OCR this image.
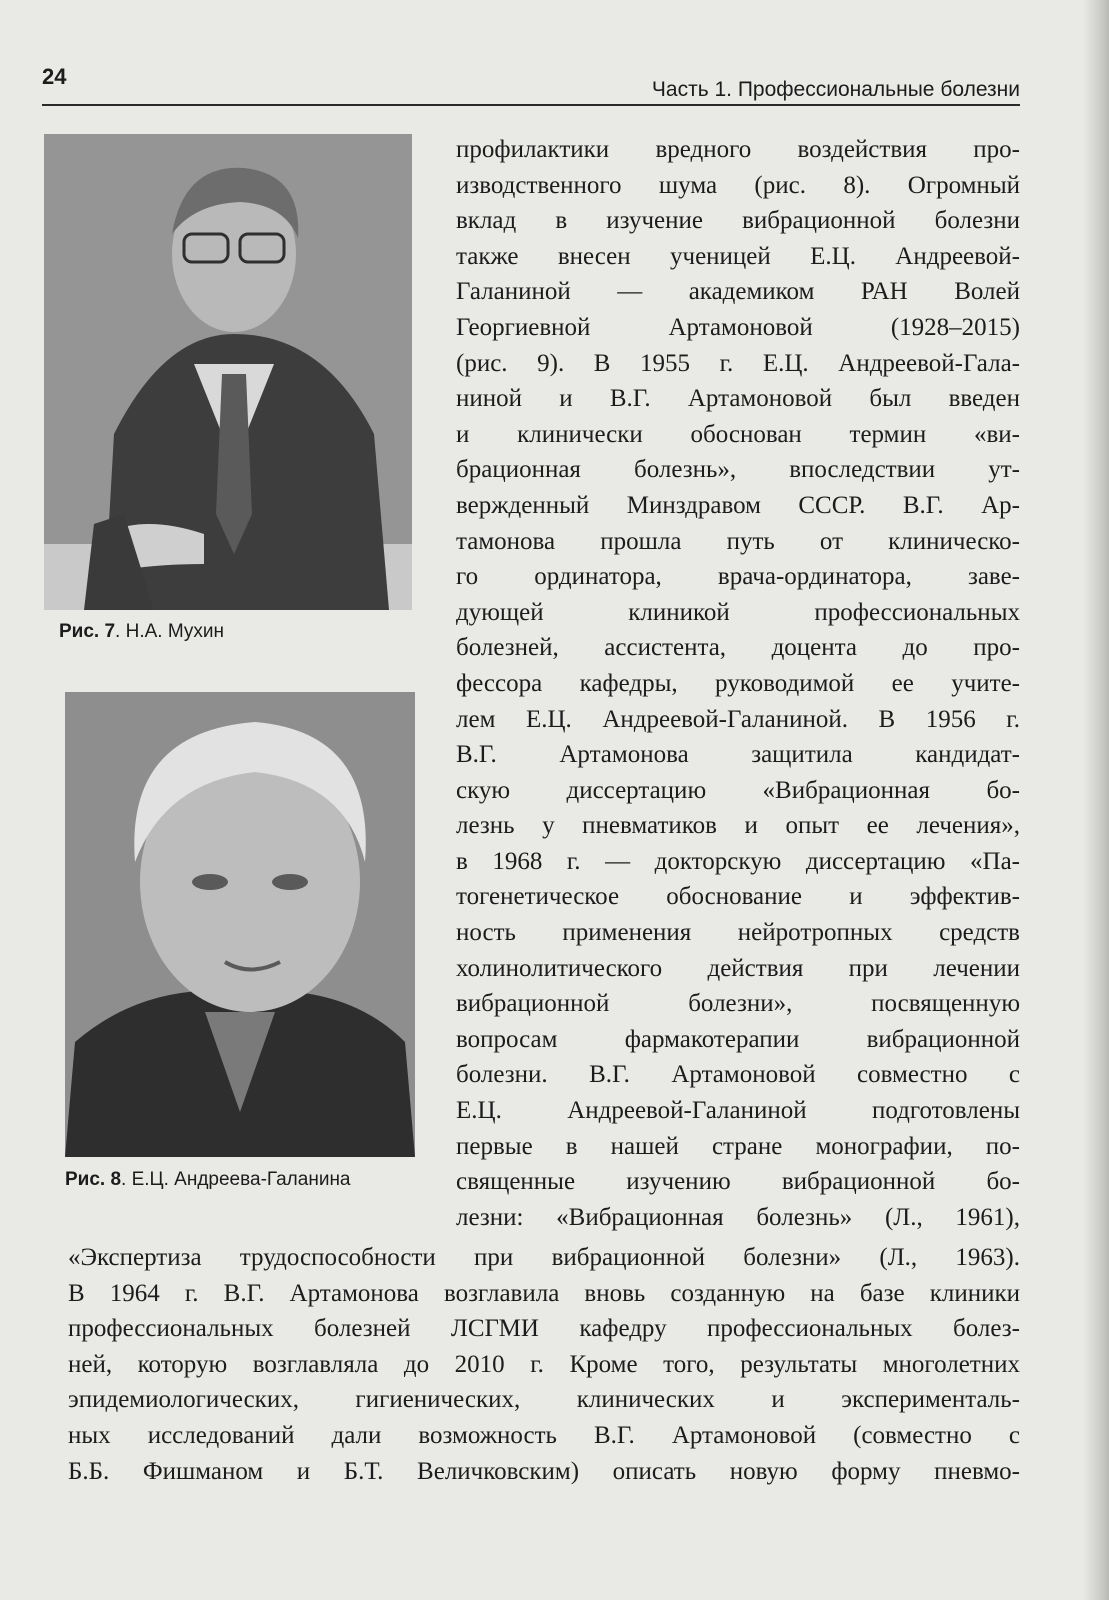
24
Часть 1. Профессиональные болезни
Рис. 7. Н.А. Мухин
Рис. 8. Е.Ц. Андреева-Галанина
профилактики вредного воздействия про-
изводственного шума (рис. 8). Огромный
вклад в изучение вибрационной болезни
также внесен ученицей Е.Ц. Андреевой-
Галаниной — академиком РАН Волей
Георгиевной Артамоновой (1928–2015)
(рис. 9). В 1955 г. Е.Ц. Андреевой-Гала-
ниной и В.Г. Артамоновой был введен
и клинически обоснован термин «ви-
брационная болезнь», впоследствии ут-
вержденный Минздравом СССР. В.Г. Ар-
тамонова прошла путь от клиническо-
го ординатора, врача-ординатора, заве-
дующей клиникой профессиональных
болезней, ассистента, доцента до про-
фессора кафедры, руководимой ее учите-
лем Е.Ц. Андреевой-Галаниной. В 1956 г.
В.Г. Артамонова защитила кандидат-
скую диссертацию «Вибрационная бо-
лезнь у пневматиков и опыт ее лечения»,
в 1968 г. — докторскую диссертацию «Па-
тогенетическое обоснование и эффектив-
ность применения нейротропных средств
холинолитического действия при лечении
вибрационной болезни», посвященную
вопросам фармакотерапии вибрационной
болезни. В.Г. Артамоновой совместно с
Е.Ц. Андреевой-Галаниной подготовлены
первые в нашей стране монографии, по-
священные изучению вибрационной бо-
лезни: «Вибрационная болезнь» (Л., 1961),
«Экспертиза трудоспособности при вибрационной болезни» (Л., 1963).
В 1964 г. В.Г. Артамонова возглавила вновь созданную на базе клиники
профессиональных болезней ЛСГМИ кафедру профессиональных болез-
ней, которую возглавляла до 2010 г. Кроме того, результаты многолетних
эпидемиологических, гигиенических, клинических и эксперименталь-
ных исследований дали возможность В.Г. Артамоновой (совместно с
Б.Б. Фишманом и Б.Т. Величковским) описать новую форму пневмо-
